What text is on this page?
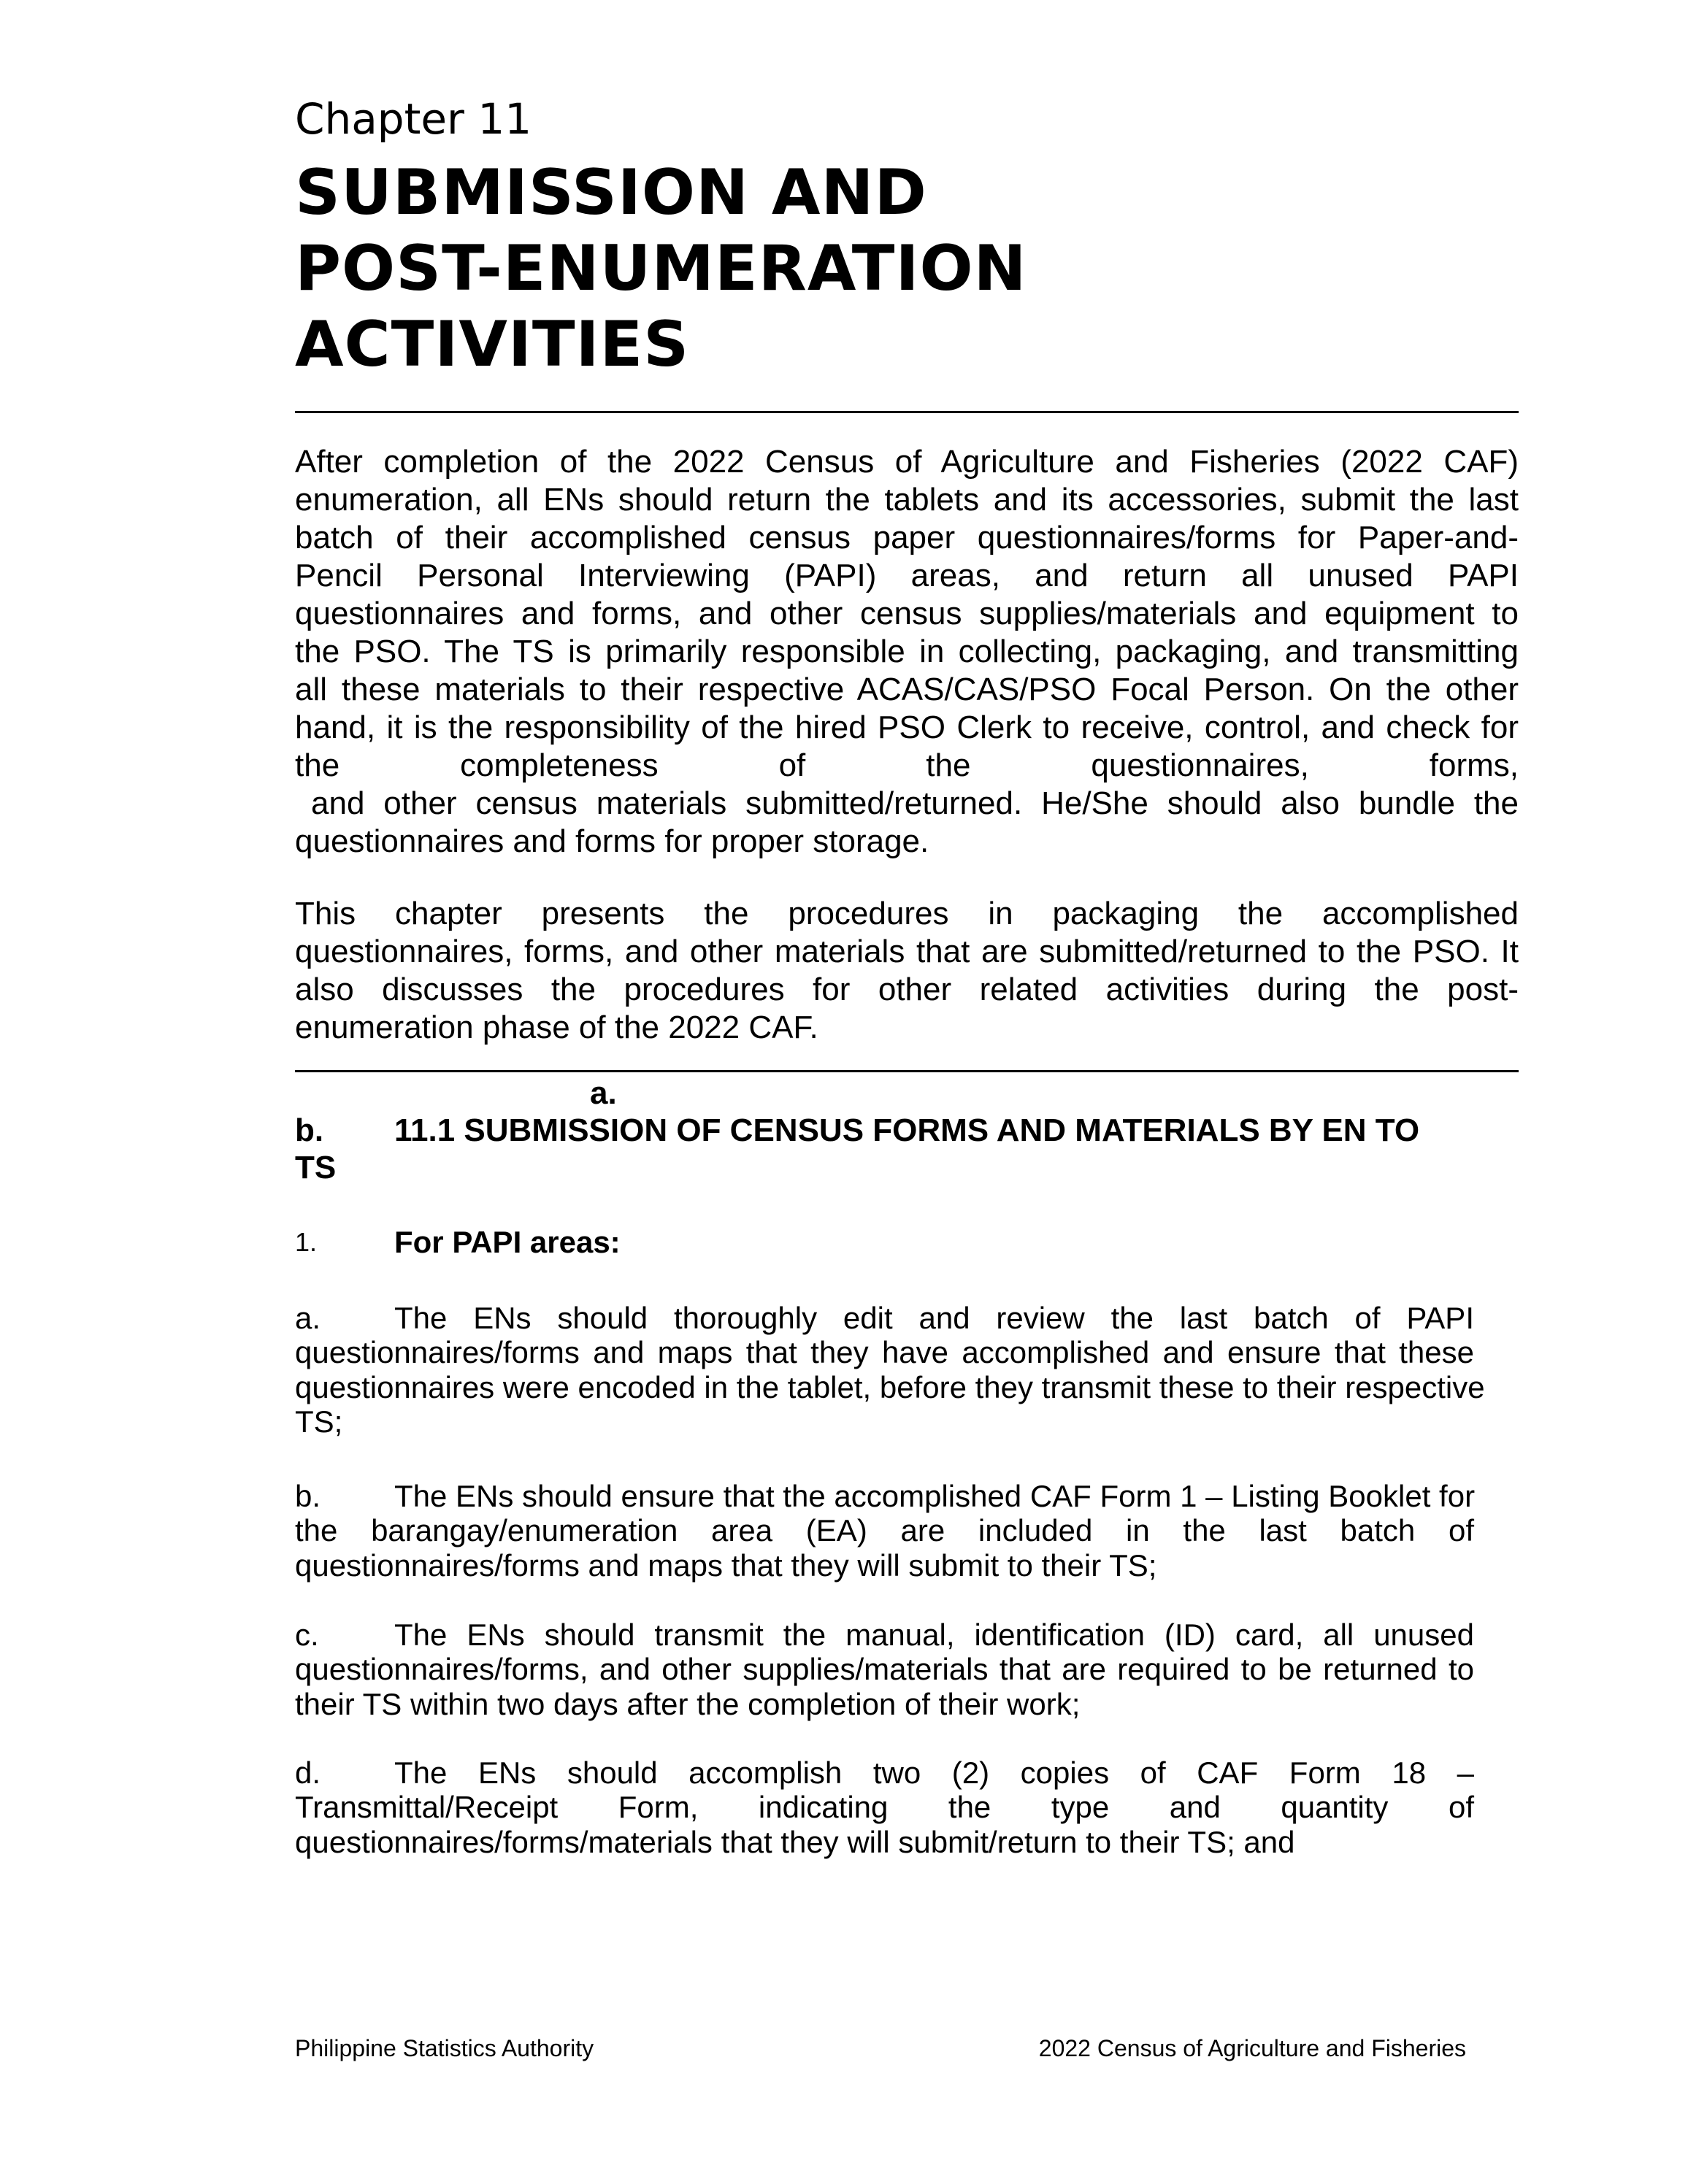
Chapter 11
SUBMISSION AND
POST-ENUMERATION
ACTIVITIES
After completion of the 2022 Census of Agriculture and Fisheries (2022 CAF)
enumeration, all ENs should return the tablets and its accessories, submit the last
batch of their accomplished census paper questionnaires/forms for Paper-and-
Pencil Personal Interviewing (PAPI) areas, and return all unused PAPI
questionnaires and forms, and other census supplies/materials and equipment to
the PSO. The TS is primarily responsible in collecting, packaging, and transmitting
all these materials to their respective ACAS/CAS/PSO Focal Person. On the other
hand, it is the responsibility of the hired PSO Clerk to receive, control, and check for
the completeness of the questionnaires, forms,
and other census materials submitted/returned. He/She should also bundle the
questionnaires and forms for proper storage.
This chapter presents the procedures in packaging the accomplished
questionnaires, forms, and other materials that are submitted/returned to the PSO. It
also discusses the procedures for other related activities during the post-
enumeration phase of the 2022 CAF.
a.
b. 11.1 SUBMISSION OF CENSUS FORMS AND MATERIALS BY EN TO
TS
1.	For PAPI areas:
a.	The ENs should thoroughly edit and review the last batch of PAPI
questionnaires/forms and maps that they have accomplished and ensure that these
questionnaires were encoded in the tablet, before they transmit these to their respective
TS;
b.	The ENs should ensure that the accomplished CAF Form 1 – Listing Booklet for
the barangay/enumeration area (EA) are included in the last batch of
questionnaires/forms and maps that they will submit to their TS;
c.	The ENs should transmit the manual, identification (ID) card, all unused
questionnaires/forms, and other supplies/materials that are required to be returned to
their TS within two days after the completion of their work;
d.	The ENs should accomplish two (2) copies of CAF Form 18 –
Transmittal/Receipt Form, indicating the type and quantity of
questionnaires/forms/materials that they will submit/return to their TS; and
Philippine Statistics Authority	2022 Census of Agriculture and Fisheries
